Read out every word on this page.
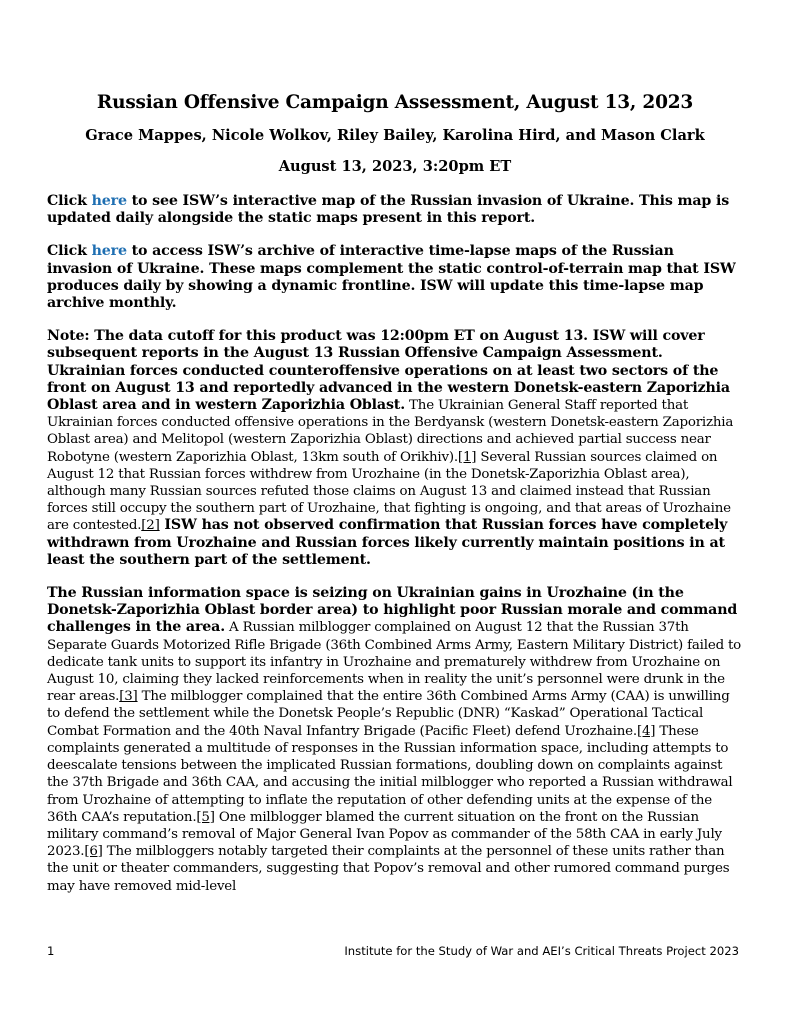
Russian Offensive Campaign Assessment, August 13, 2023
Grace Mappes, Nicole Wolkov, Riley Bailey, Karolina Hird, and Mason Clark
August 13, 2023, 3:20pm ET

Click here to see ISW’s interactive map of the Russian invasion of Ukraine. This map is updated daily alongside the static maps present in this report.

Click here to access ISW’s archive of interactive time-lapse maps of the Russian invasion of Ukraine. These maps complement the static control-of-terrain map that ISW produces daily by showing a dynamic frontline. ISW will update this time-lapse map archive monthly.

Note: The data cutoff for this product was 12:00pm ET on August 13. ISW will cover subsequent reports in the August 13 Russian Offensive Campaign Assessment. Ukrainian forces conducted counteroffensive operations on at least two sectors of the front on August 13 and reportedly advanced in the western Donetsk-eastern Zaporizhia Oblast area and in western Zaporizhia Oblast. The Ukrainian General Staff reported that Ukrainian forces conducted offensive operations in the Berdyansk (western Donetsk-eastern Zaporizhia Oblast area) and Melitopol (western Zaporizhia Oblast) directions and achieved partial success near Robotyne (western Zaporizhia Oblast, 13km south of Orikhiv).[1] Several Russian sources claimed on August 12 that Russian forces withdrew from Urozhaine (in the Donetsk-Zaporizhia Oblast area), although many Russian sources refuted those claims on August 13 and claimed instead that Russian forces still occupy the southern part of Urozhaine, that fighting is ongoing, and that areas of Urozhaine are contested.[2] ISW has not observed confirmation that Russian forces have completely withdrawn from Urozhaine and Russian forces likely currently maintain positions in at least the southern part of the settlement.

The Russian information space is seizing on Ukrainian gains in Urozhaine (in the Donetsk-Zaporizhia Oblast border area) to highlight poor Russian morale and command challenges in the area. A Russian milblogger complained on August 12 that the Russian 37th Separate Guards Motorized Rifle Brigade (36th Combined Arms Army, Eastern Military District) failed to dedicate tank units to support its infantry in Urozhaine and prematurely withdrew from Urozhaine on August 10, claiming they lacked reinforcements when in reality the unit’s personnel were drunk in the rear areas.[3] The milblogger complained that the entire 36th Combined Arms Army (CAA) is unwilling to defend the settlement while the Donetsk People’s Republic (DNR) “Kaskad” Operational Tactical Combat Formation and the 40th Naval Infantry Brigade (Pacific Fleet) defend Urozhaine.[4] These complaints generated a multitude of responses in the Russian information space, including attempts to deescalate tensions between the implicated Russian formations, doubling down on complaints against the 37th Brigade and 36th CAA, and accusing the initial milblogger who reported a Russian withdrawal from Urozhaine of attempting to inflate the reputation of other defending units at the expense of the 36th CAA’s reputation.[5] One milblogger blamed the current situation on the front on the Russian military command’s removal of Major General Ivan Popov as commander of the 58th CAA in early July 2023.[6] The milbloggers notably targeted their complaints at the personnel of these units rather than the unit or theater commanders, suggesting that Popov’s removal and other rumored command purges may have removed mid-level

1	Institute for the Study of War and AEI’s Critical Threats Project 2023
